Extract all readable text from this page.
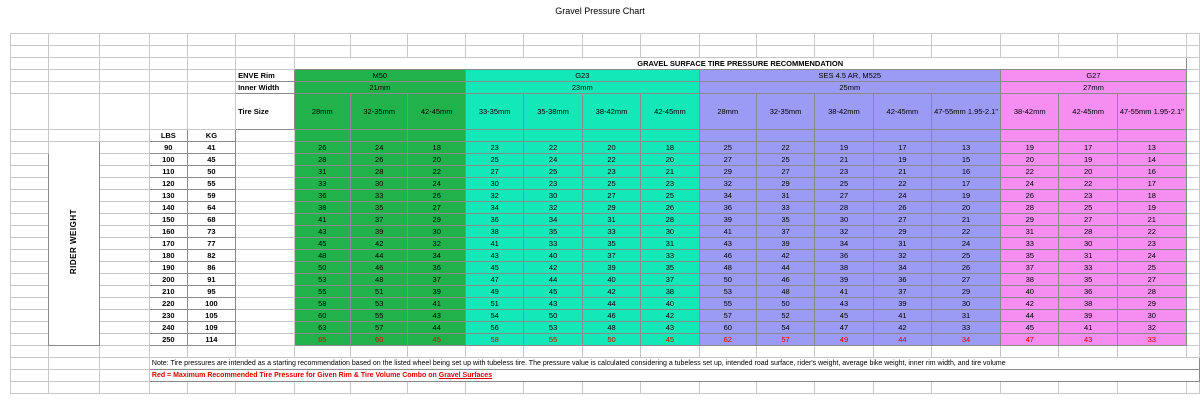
Gravel Pressure Chart

						GRAVEL SURFACE TIRE PRESSURE RECOMMENDATION															
					ENVE Rim	M50			G23				SES 4.5 AR, M525					G27			
					Inner Width	21mm			23mm				25mm					27mm			
					Tire Size	28mm	32-35mm	42-45mm	33-35mm	35-38mm	38-42mm	42-45mm	28mm	32-35mm	38-42mm	42-45mm	47-55mm 1.95-2.1"	38-42mm	42-45mm	47-55mm 1.95-2.1"	
			LBS	KG																	
	RIDER WEIGHT		90	41		26	24	18	23	22	20	18	25	22	19	17	13	19	17	13	
			100	45		28	26	20	25	24	22	20	27	25	21	19	15	20	19	14	
			110	50		31	28	22	27	25	23	21	29	27	23	21	16	22	20	16	
			120	55		33	30	24	30	23	25	23	32	29	25	22	17	24	22	17	
			130	59		36	33	26	32	30	27	25	34	31	27	24	19	26	23	18	
			140	64		38	35	27	34	32	29	26	36	33	28	26	20	28	25	19	
			150	68		41	37	29	36	34	31	28	39	35	30	27	21	29	27	21	
			160	73		43	39	30	38	35	33	30	41	37	32	29	22	31	28	22	
			170	77		45	42	32	41	33	35	31	43	39	34	31	24	33	30	23	
			180	82		48	44	34	43	40	37	33	46	42	36	32	25	35	31	24	
			190	86		50	46	36	45	42	39	35	48	44	38	34	26	37	33	25	
			200	91		53	48	37	47	44	40	37	50	46	39	36	27	38	35	27	
			210	95		55	51	39	49	45	42	38	53	48	41	37	29	40	36	28	
			220	100		58	53	41	51	43	44	40	55	50	43	39	30	42	38	29	
			230	105		60	55	43	54	50	46	42	57	52	45	41	31	44	39	30	
			240	109		63	57	44	56	53	48	43	60	54	47	42	33	45	41	32	
			250	114		65	60	45	58	55	50	45	62	57	49	44	34	47	43	33	

			Note: Tire pressures are intended as a starting recommendation based on the listed wheel being set up with tubeless tire. The pressure value is calculated considering a tubeless set up, intended road surface, rider's weight, average bike weight, inner rim width, and tire volume																		
			Red = Maximum Recommended Tire Pressure for Given Rim & Tire Volume Combo on Gravel Surfaces																		
